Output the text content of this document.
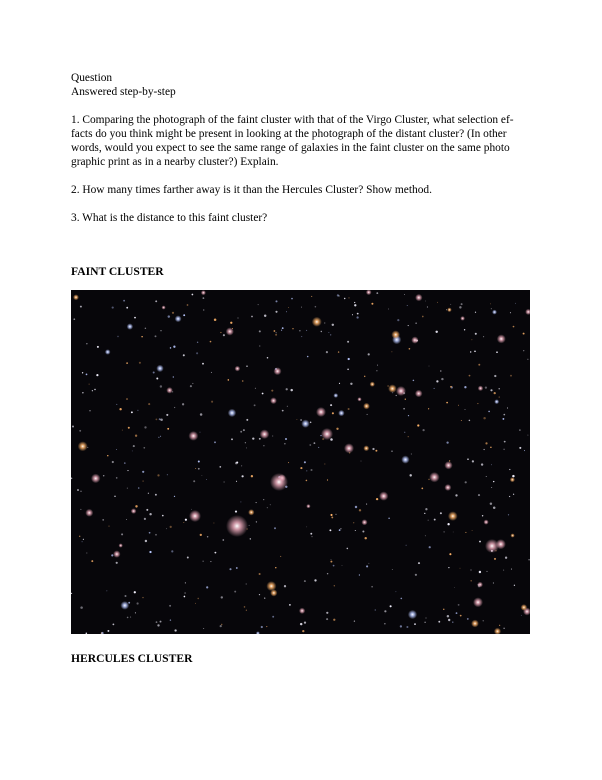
Question
Answered step-by-step
1. Comparing the photograph of the faint cluster with that of the Virgo Cluster, what selection ef-
facts do you think might be present in looking at the photograph of the distant cluster? (In other
words, would you expect to see the same range of galaxies in the faint cluster on the same photo
graphic print as in a nearby cluster?) Explain.
2. How many times farther away is it than the Hercules Cluster? Show method.
3. What is the distance to this faint cluster?
FAINT CLUSTER
HERCULES CLUSTER
